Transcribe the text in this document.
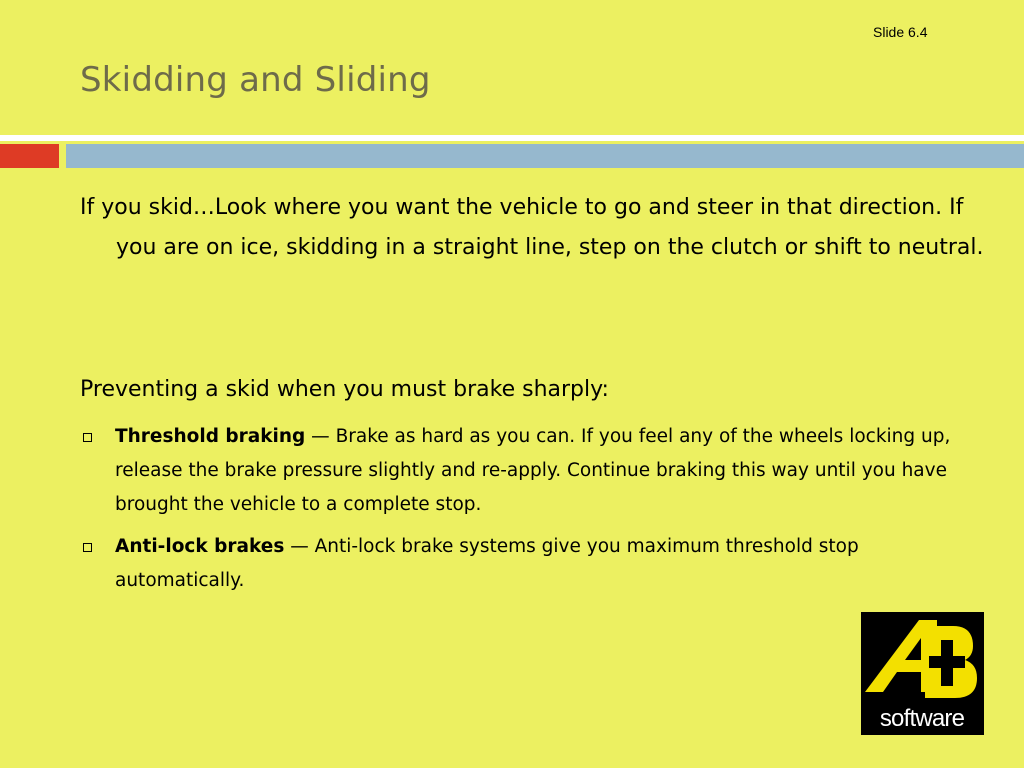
Slide 6.4
Skidding and Sliding
If you skid…Look where you want the vehicle to go and steer in that direction. If you are on ice, skidding in a straight line, step on the clutch or shift to neutral.
Preventing a skid when you must brake sharply:
Threshold braking — Brake as hard as you can. If you feel any of the wheels locking up, release the brake pressure slightly and re-apply. Continue braking this way until you have brought the vehicle to a complete stop.
Anti-lock brakes — Anti-lock brake systems give you maximum threshold stop automatically.
software
